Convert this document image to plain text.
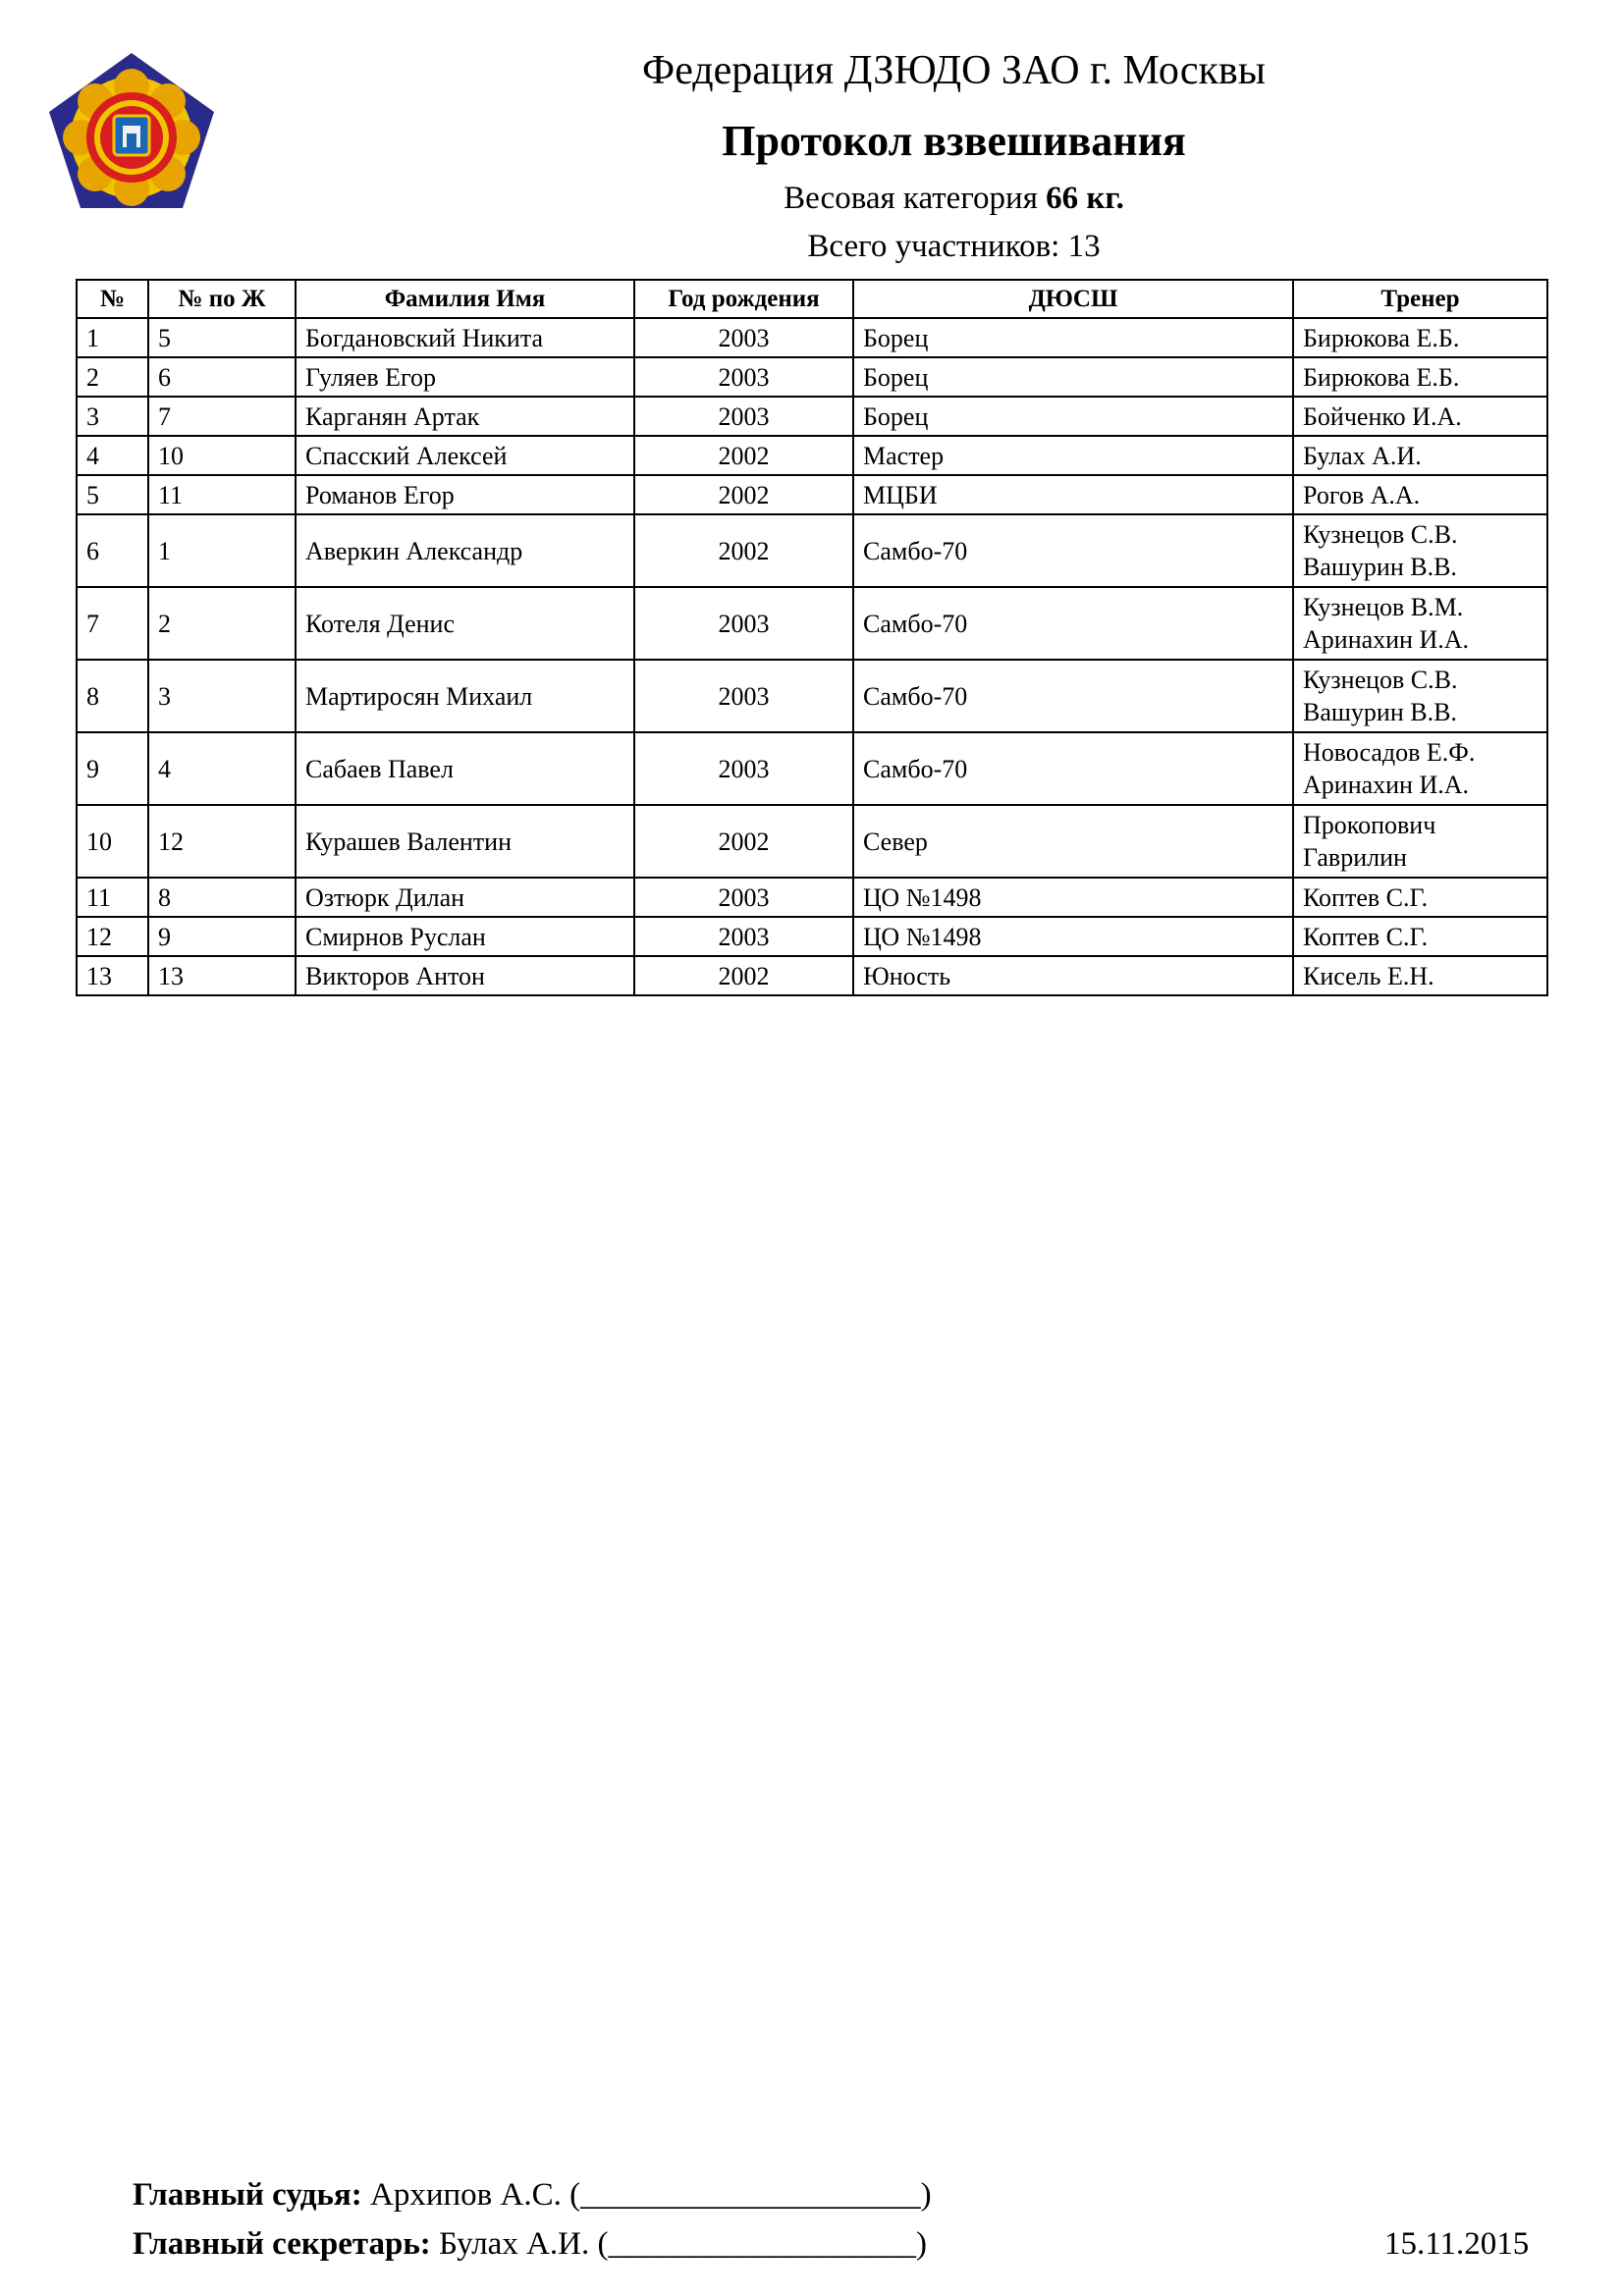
Федерация ДЗЮДО ЗАО г. Москвы
Протокол взвешивания
Весовая категория 66 кг.
Всего участников: 13
№	№ по Ж	Фамилия Имя	Год рождения	ДЮСШ	Тренер
1	5	Богдановский Никита	2003	Борец	Бирюкова Е.Б.

2	6	Гуляев Егор	2003	Борец	Бирюкова Е.Б.

3	7	Карганян Артак	2003	Борец	Бойченко И.А.

4	10	Спасский Алексей	2002	Мастер	Булах А.И.

5	11	Романов Егор	2002	МЦБИ	Рогов А.А.

6	1	Аверкин Александр	2002	Самбо-70	Кузнецов С.В.
Вашурин В.В.

7	2	Котеля Денис	2003	Самбо-70	Кузнецов В.М.
Аринахин И.А.

8	3	Мартиросян Михаил	2003	Самбо-70	Кузнецов С.В.
Вашурин В.В.

9	4	Сабаев Павел	2003	Самбо-70	Новосадов Е.Ф.
Аринахин И.А.

10	12	Курашев Валентин	2002	Север	Прокопович
Гаврилин

11	8	Озтюрк Дилан	2003	ЦО №1498	Коптев С.Г.

12	9	Смирнов Руслан	2003	ЦО №1498	Коптев С.Г.

13	13	Викторов Антон	2002	Юность	Кисель Е.Н.
Главный судья: Архипов А.С. (_____________________)
Главный секретарь: Булах А.И. (___________________)	15.11.2015
